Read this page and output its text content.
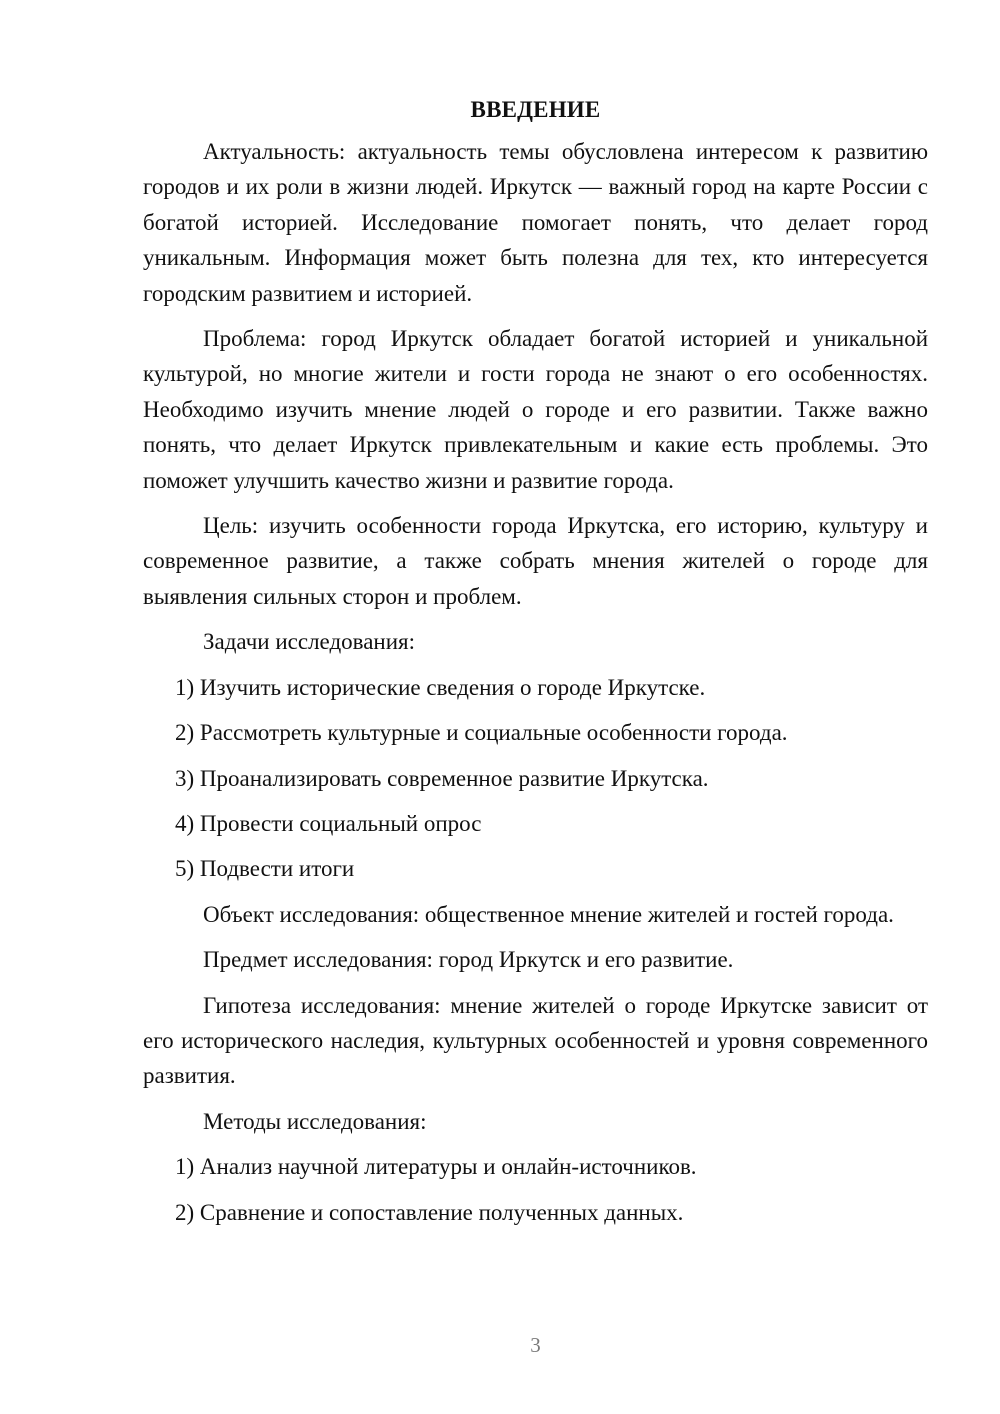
ВВЕДЕНИЕ

Актуальность: актуальность темы обусловлена интересом к развитию городов и их роли в жизни людей. Иркутск — важный город на карте России с богатой историей. Исследование помогает понять, что делает город уникальным. Информация может быть полезна для тех, кто интересуется городским развитием и историей.

Проблема: город Иркутск обладает богатой историей и уникальной культурой, но многие жители и гости города не знают о его особенностях. Необходимо изучить мнение людей о городе и его развитии. Также важно понять, что делает Иркутск привлекательным и какие есть проблемы. Это поможет улучшить качество жизни и развитие города.

Цель: изучить особенности города Иркутска, его историю, культуру и современное развитие, а также собрать мнения жителей о городе для выявления сильных сторон и проблем.

Задачи исследования:

1) Изучить исторические сведения о городе Иркутске.

2) Рассмотреть культурные и социальные особенности города.

3) Проанализировать современное развитие Иркутска.

4) Провести социальный опрос

5) Подвести итоги

Объект исследования: общественное мнение жителей и гостей города.

Предмет исследования: город Иркутск и его развитие.

Гипотеза исследования: мнение жителей о городе Иркутске зависит от его исторического наследия, культурных особенностей и уровня современного развития.

Методы исследования:

1) Анализ научной литературы и онлайн-источников.

2) Сравнение и сопоставление полученных данных.

3
